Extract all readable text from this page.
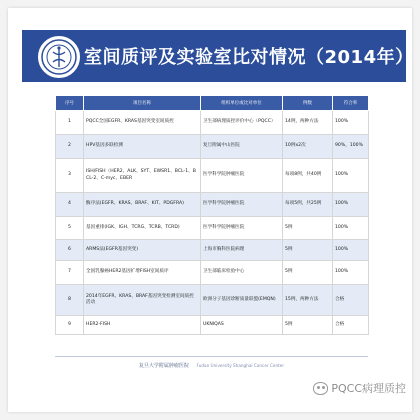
室间质评及实验室比对情况（2014年）
序号	项目名称	组织单位或比对单位	例数	符合率
1	PQCC全国EGFR、KRAS基因突变室间质控	卫生部病理质控评价中心（PQCC）	14例，两种方法	100%
2	HPV基因多联检测	复旦附属中山医院	10例x2次	90%，100%
3	ISH/FISH（HER2、ALK、SYT、EWSR1、BCL-1、BCL-2、C-myc、EBER	医学科学院肿瘤医院	每项8例，共40例	100%
4	酶序法(EGFR、KRAS、BRAF、KIT、PDGFRA)	医学科学院肿瘤医院	每项5例，共25例	100%
5	基因重排(IGK、IGH、TCRG、TCRB、TCRD)	医学科学院肿瘤医院	5例	100%
6	ARMS法(EGFR基因突变)	上海市胸科医院病理	5例	100%
7	全国乳腺癌HER2基因扩增FISH室间质评	卫生部临床检验中心	5例	100%
8	2014年EGFR、KRAS、BRAF基因突变检测室间质控活动	欧洲分子基因诊断质量联盟(EMQN)	15例，两种方法	合格
9	HER2-FISH	UKNIQAS	5例	合格
复旦大学附属肿瘤医院 Fudan University Shanghai Cancer Center
PQCC病理质控
